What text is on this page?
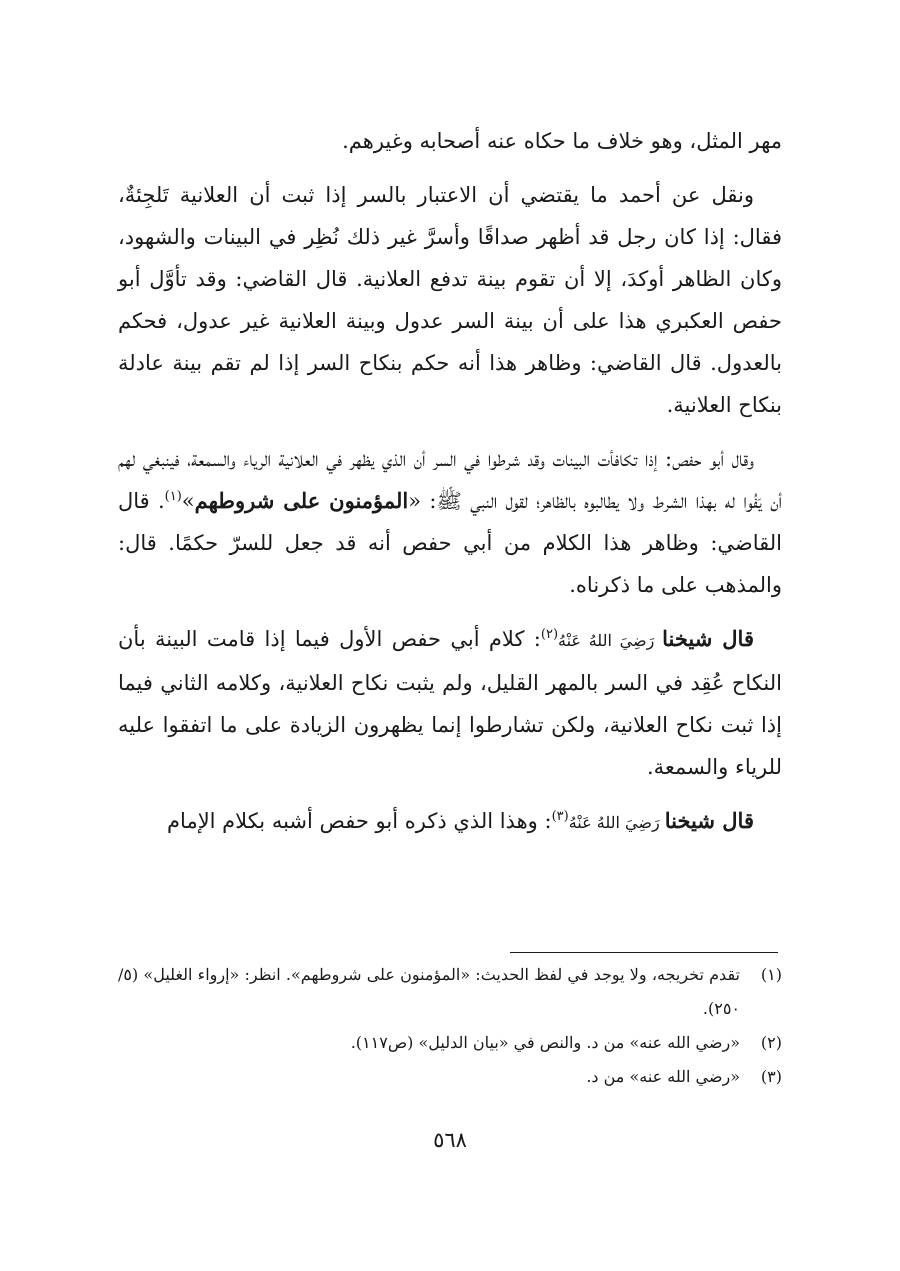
مهر المثل، وهو خلاف ما حكاه عنه أصحابه وغيرهم.

ونقل عن أحمد ما يقتضي أن الاعتبار بالسر إذا ثبت أن العلانية تَلجِئةٌ، فقال: إذا كان رجل قد أظهر صداقًا وأسرَّ غير ذلك نُظِر في البينات والشهود، وكان الظاهر أوكدَ، إلا أن تقوم بينة تدفع العلانية. قال القاضي: وقد تأوَّل أبو حفص العكبري هذا على أن بينة السر عدول وبينة العلانية غير عدول، فحكم بالعدول. قال القاضي: وظاهر هذا أنه حكم بنكاح السر إذا لم تقم بينة عادلة بنكاح العلانية.

وقال أبو حفص: إذا تكافأت البينات وقد شرطوا في السر أن الذي يظهر في العلانية الرياء والسمعة، فينبغي لهم أن يَفُوا له بهذا الشرط ولا يطالبوه بالظاهر؛ لقول النبي ﷺ: «المؤمنون على شروطهم»$^{(١)}$. قال القاضي: وظاهر هذا الكلام من أبي حفص أنه قد جعل للسرّ حكمًا. قال: والمذهب على ما ذكرناه.

قال شيخنا رَضِيَ اللهُ عَنْهُ$^{(٢)}$: كلام أبي حفص الأول فيما إذا قامت البينة بأن النكاح عُقِد في السر بالمهر القليل، ولم يثبت نكاح العلانية، وكلامه الثاني فيما إذا ثبت نكاح العلانية، ولكن تشارطوا إنما يظهرون الزيادة على ما اتفقوا عليه للرياء والسمعة.

قال شيخنا رَضِيَ اللهُ عَنْهُ$^{(٣)}$: وهذا الذي ذكره أبو حفص أشبه بكلام الإمام

(١)
تقدم تخريجه، ولا يوجد في لفظ الحديث: «المؤمنون على شروطهم». انظر: «إرواء الغليل» (٥/ ٢٥٠).
(٢)
«رضي الله عنه» من د. والنص في «بيان الدليل» (ص١١٧).
(٣)
«رضي الله عنه» من د.
٥٦٨
